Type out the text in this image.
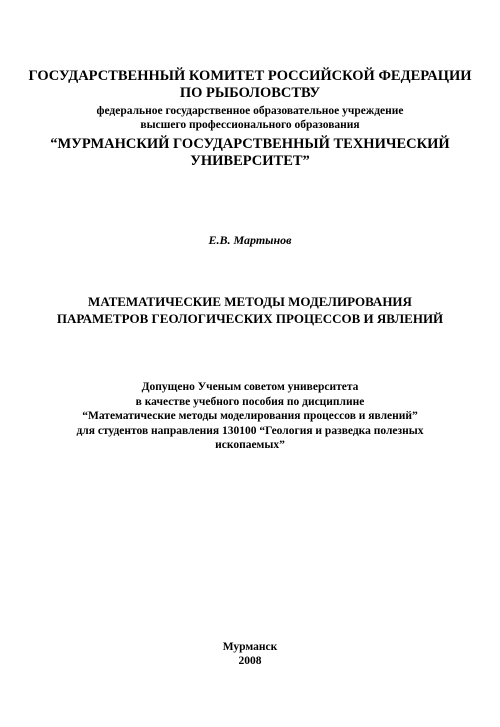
ГОСУДАРСТВЕННЫЙ КОМИТЕТ РОССИЙСКОЙ ФЕДЕРАЦИИ
ПО РЫБОЛОВСТВУ
федеральное государственное образовательное учреждение
высшего профессионального образования
“МУРМАНСКИЙ ГОСУДАРСТВЕННЫЙ ТЕХНИЧЕСКИЙ
УНИВЕРСИТЕТ”
Е.В. Мартынов
МАТЕМАТИЧЕСКИЕ МЕТОДЫ МОДЕЛИРОВАНИЯ
ПАРАМЕТРОВ ГЕОЛОГИЧЕСКИХ ПРОЦЕССОВ И ЯВЛЕНИЙ
Допущено Ученым советом университета
в качестве учебного пособия по дисциплине
“Математические методы моделирования процессов и явлений”
для студентов направления 130100 “Геология и разведка полезных
ископаемых”
Мурманск
2008
